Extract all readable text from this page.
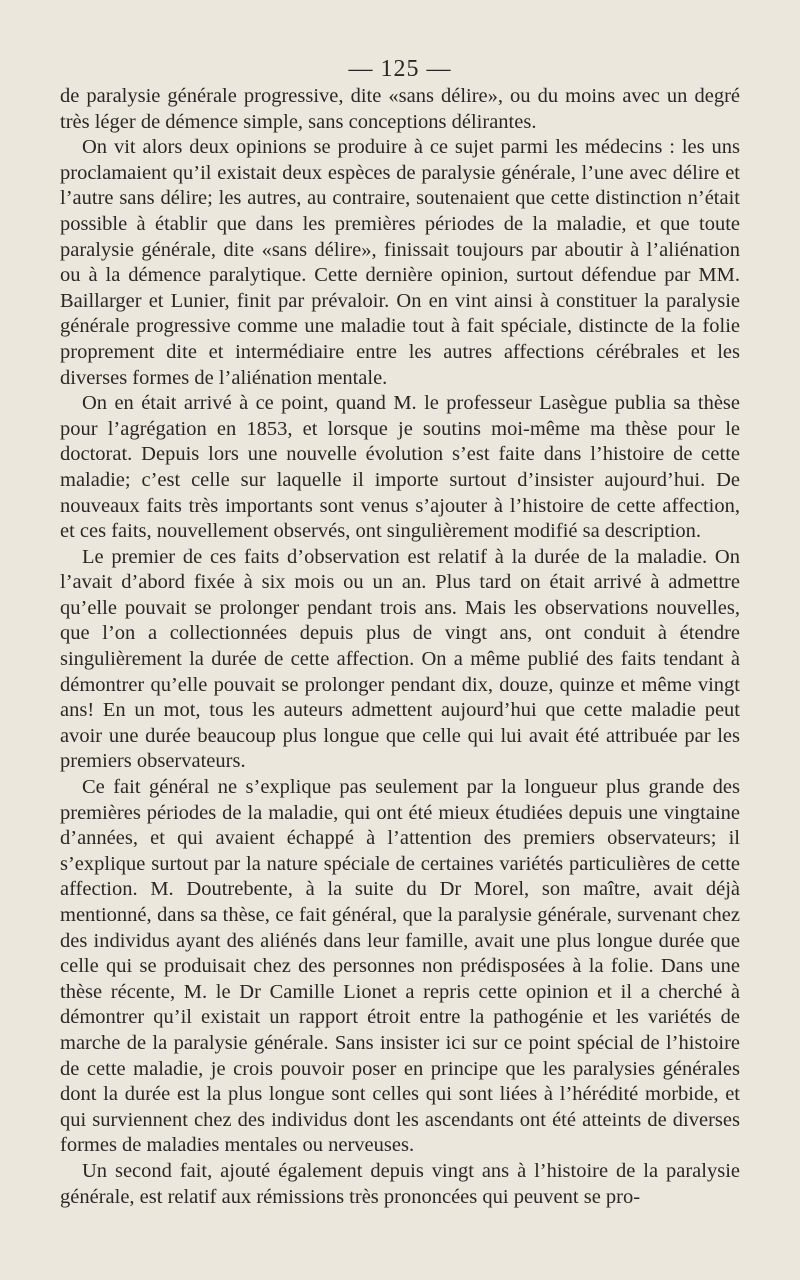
— 125 —

de paralysie générale progressive, dite «sans délire», ou du moins avec un degré très léger de démence simple, sans conceptions délirantes.

On vit alors deux opinions se produire à ce sujet parmi les médecins : les uns proclamaient qu’il existait deux espèces de paralysie générale, l’une avec délire et l’autre sans délire; les autres, au contraire, soutenaient que cette distinction n’était possible à établir que dans les premières périodes de la maladie, et que toute paralysie générale, dite «sans délire», finissait toujours par aboutir à l’aliénation ou à la démence paralytique. Cette dernière opinion, surtout défendue par MM. Baillarger et Lunier, finit par prévaloir. On en vint ainsi à constituer la paralysie générale progressive comme une maladie tout à fait spéciale, distincte de la folie proprement dite et intermédiaire entre les autres affections cérébrales et les diverses formes de l’aliénation mentale.

On en était arrivé à ce point, quand M. le professeur Lasègue publia sa thèse pour l’agrégation en 1853, et lorsque je soutins moi-même ma thèse pour le doctorat. Depuis lors une nouvelle évolution s’est faite dans l’histoire de cette maladie; c’est celle sur laquelle il importe surtout d’insister aujourd’hui. De nouveaux faits très importants sont venus s’ajouter à l’histoire de cette affection, et ces faits, nouvellement observés, ont singulièrement modifié sa description.

Le premier de ces faits d’observation est relatif à la durée de la maladie. On l’avait d’abord fixée à six mois ou un an. Plus tard on était arrivé à admettre qu’elle pouvait se prolonger pendant trois ans. Mais les observations nouvelles, que l’on a collectionnées depuis plus de vingt ans, ont conduit à étendre singulièrement la durée de cette affection. On a même publié des faits tendant à démontrer qu’elle pouvait se prolonger pendant dix, douze, quinze et même vingt ans! En un mot, tous les auteurs admettent aujourd’hui que cette maladie peut avoir une durée beaucoup plus longue que celle qui lui avait été attribuée par les premiers observateurs.

Ce fait général ne s’explique pas seulement par la longueur plus grande des premières périodes de la maladie, qui ont été mieux étudiées depuis une vingtaine d’années, et qui avaient échappé à l’attention des premiers observateurs; il s’explique surtout par la nature spéciale de certaines variétés particulières de cette affection. M. Doutrebente, à la suite du Dr Morel, son maître, avait déjà mentionné, dans sa thèse, ce fait général, que la paralysie générale, survenant chez des individus ayant des aliénés dans leur famille, avait une plus longue durée que celle qui se produisait chez des personnes non prédisposées à la folie. Dans une thèse récente, M. le Dr Camille Lionet a repris cette opinion et il a cherché à démontrer qu’il existait un rapport étroit entre la pathogénie et les variétés de marche de la paralysie générale. Sans insister ici sur ce point spécial de l’histoire de cette maladie, je crois pouvoir poser en principe que les paralysies générales dont la durée est la plus longue sont celles qui sont liées à l’hérédité morbide, et qui surviennent chez des individus dont les ascendants ont été atteints de diverses formes de maladies mentales ou nerveuses.

Un second fait, ajouté également depuis vingt ans à l’histoire de la paralysie générale, est relatif aux rémissions très prononcées qui peuvent se pro-
